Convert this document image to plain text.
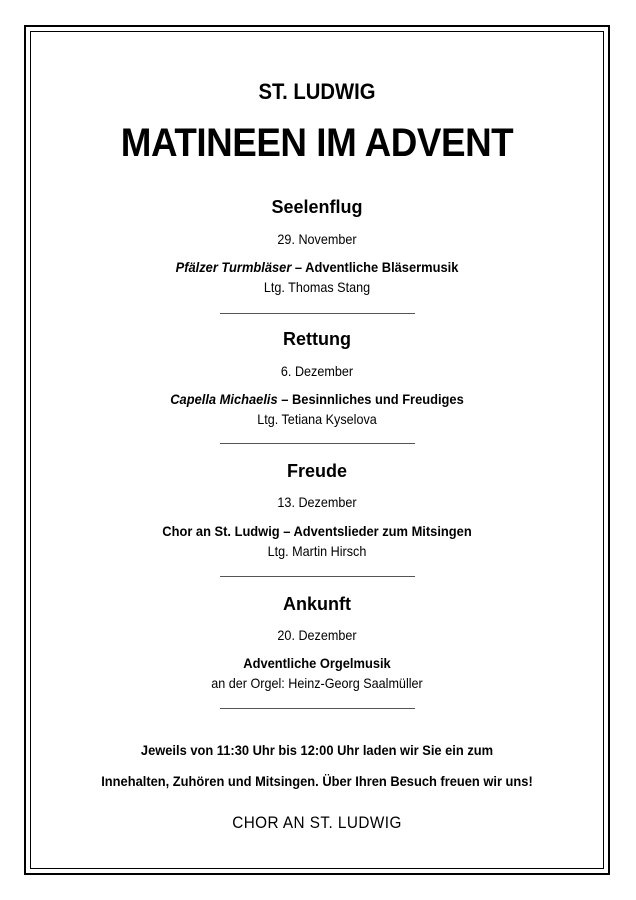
ST. LUDWIG
MATINEEN IM ADVENT
Seelenflug
29. November
Pfälzer Turmbläser – Adventliche Bläsermusik
Ltg. Thomas Stang
Rettung
6. Dezember
Capella Michaelis – Besinnliches und Freudiges
Ltg. Tetiana Kyselova
Freude
13. Dezember
Chor an St. Ludwig – Adventslieder zum Mitsingen
Ltg. Martin Hirsch
Ankunft
20. Dezember
Adventliche Orgelmusik
an der Orgel: Heinz-Georg Saalmüller
Jeweils von 11:30 Uhr bis 12:00 Uhr laden wir Sie ein zum
Innehalten, Zuhören und Mitsingen. Über Ihren Besuch freuen wir uns!
CHOR AN ST. LUDWIG
